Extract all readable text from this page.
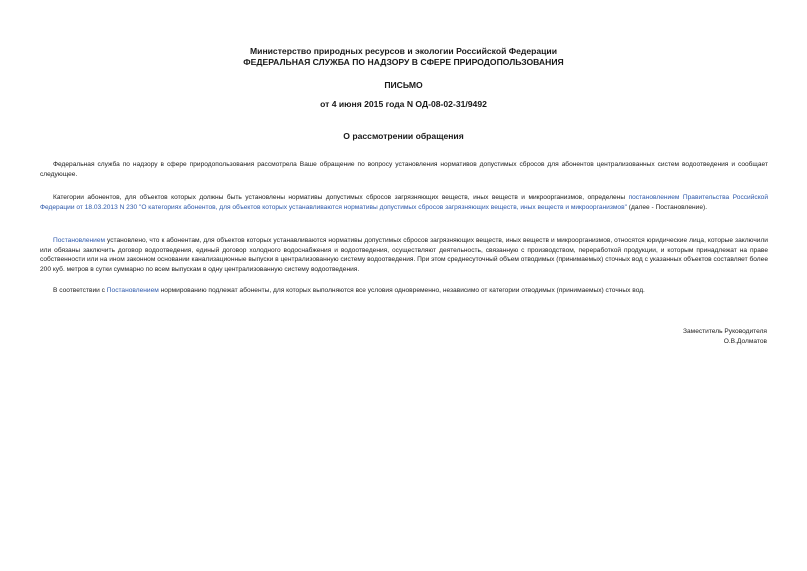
Министерство природных ресурсов и экологии Российской Федерации
ФЕДЕРАЛЬНАЯ СЛУЖБА ПО НАДЗОРУ В СФЕРЕ ПРИРОДОПОЛЬЗОВАНИЯ
ПИСЬМО
от 4 июня 2015 года N ОД-08-02-31/9492
О рассмотрении обращения

Федеральная служба по надзору в сфере природопользования рассмотрела Ваше обращение по вопросу установления нормативов допустимых сбросов для абонентов централизованных систем водоотведения и сообщает следующее.

Категории абонентов, для объектов которых должны быть установлены нормативы допустимых сбросов загрязняющих веществ, иных веществ и микроорганизмов, определены постановлением Правительства Российской Федерации от 18.03.2013 N 230 "О категориях абонентов, для объектов которых устанавливаются нормативы допустимых сбросов загрязняющих веществ, иных веществ и микроорганизмов" (далее - Постановление).

Постановлением установлено, что к абонентам, для объектов которых устанавливаются нормативы допустимых сбросов загрязняющих веществ, иных веществ и микроорганизмов, относятся юридические лица, которые заключили или обязаны заключить договор водоотведения, единый договор холодного водоснабжения и водоотведения, осуществляют деятельность, связанную с производством, переработкой продукции, и которым принадлежат на праве собственности или на ином законном основании канализационные выпуски в централизованную систему водоотведения. При этом среднесуточный объем отводимых (принимаемых) сточных вод с указанных объектов составляет более 200 куб. метров в сутки суммарно по всем выпускам в одну централизованную систему водоотведения.

В соответствии с Постановлением нормированию подлежат абоненты, для которых выполняются все условия одновременно, независимо от категории отводимых (принимаемых) сточных вод.

Заместитель Руководителя
О.В.Долматов
